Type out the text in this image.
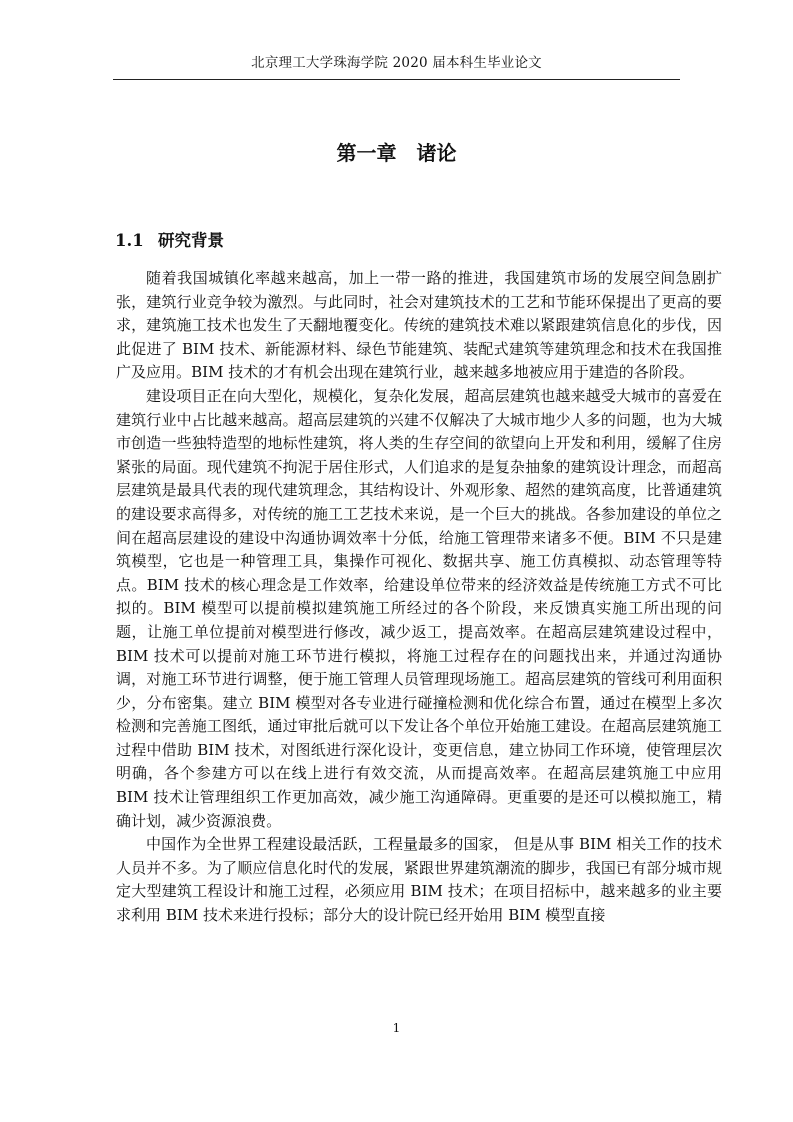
北京理工大学珠海学院 2020 届本科生毕业论文
第一章　诸论
1.1 研究背景

随着我国城镇化率越来越高，加上一带一路的推进，我国建筑市场的发展空间急剧扩张，建筑行业竞争较为激烈。与此同时，社会对建筑技术的工艺和节能环保提出了更高的要求，建筑施工技术也发生了天翻地覆变化。传统的建筑技术难以紧跟建筑信息化的步伐，因此促进了 BIM 技术、新能源材料、绿色节能建筑、装配式建筑等建筑理念和技术在我国推广及应用。BIM 技术的才有机会出现在建筑行业，越来越多地被应用于建造的各阶段。

建设项目正在向大型化，规模化，复杂化发展，超高层建筑也越来越受大城市的喜爱在建筑行业中占比越来越高。超高层建筑的兴建不仅解决了大城市地少人多的问题，也为大城市创造一些独特造型的地标性建筑，将人类的生存空间的欲望向上开发和利用，缓解了住房紧张的局面。现代建筑不拘泥于居住形式，人们追求的是复杂抽象的建筑设计理念，而超高层建筑是最具代表的现代建筑理念，其结构设计、外观形象、超然的建筑高度，比普通建筑的建设要求高得多，对传统的施工工艺技术来说，是一个巨大的挑战。各参加建设的单位之间在超高层建设的建设中沟通协调效率十分低，给施工管理带来诸多不便。BIM 不只是建筑模型，它也是一种管理工具，集操作可视化、数据共享、施工仿真模拟、动态管理等特点。BIM 技术的核心理念是工作效率，给建设单位带来的经济效益是传统施工方式不可比拟的。BIM 模型可以提前模拟建筑施工所经过的各个阶段，来反馈真实施工所出现的问题，让施工单位提前对模型进行修改，减少返工，提高效率。在超高层建筑建设过程中，BIM 技术可以提前对施工环节进行模拟，将施工过程存在的问题找出来，并通过沟通协调，对施工环节进行调整，便于施工管理人员管理现场施工。超高层建筑的管线可利用面积少，分布密集。建立 BIM 模型对各专业进行碰撞检测和优化综合布置，通过在模型上多次检测和完善施工图纸，通过审批后就可以下发让各个单位开始施工建设。在超高层建筑施工过程中借助 BIM 技术，对图纸进行深化设计，变更信息，建立协同工作环境，使管理层次明确，各个参建方可以在线上进行有效交流，从而提高效率。在超高层建筑施工中应用 BIM 技术让管理组织工作更加高效，减少施工沟通障碍。更重要的是还可以模拟施工，精确计划，减少资源浪费。

中国作为全世界工程建设最活跃，工程量最多的国家， 但是从事 BIM 相关工作的技术人员并不多。为了顺应信息化时代的发展，紧跟世界建筑潮流的脚步，我国已有部分城市规定大型建筑工程设计和施工过程，必须应用 BIM 技术；在项目招标中，越来越多的业主要求利用 BIM 技术来进行投标；部分大的设计院已经开始用 BIM 模型直接

1
